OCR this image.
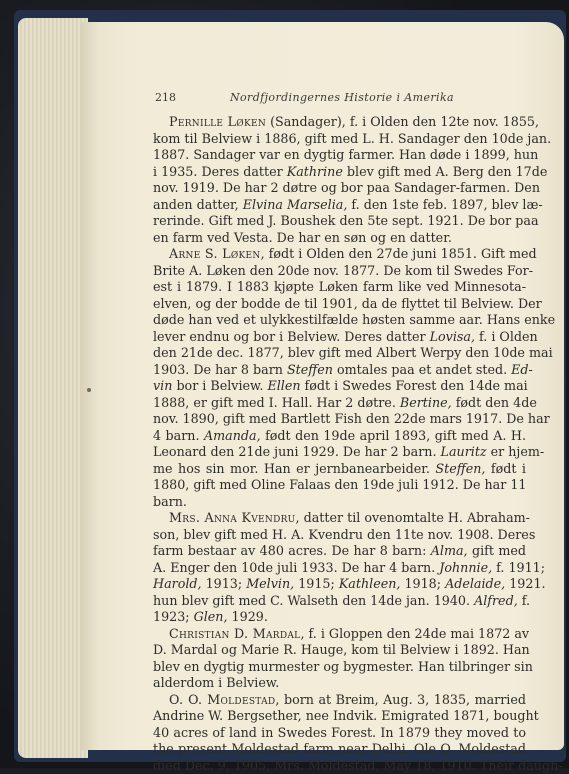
218	Nordfjordingernes Historie i Amerika
Pernille Løken (Sandager), f. i Olden den 12te nov. 1855,
kom til Belview i 1886, gift med L. H. Sandager den 10de jan.
1887. Sandager var en dygtig farmer. Han døde i 1899, hun
i 1935. Deres datter Kathrine blev gift med A. Berg den 17de
nov. 1919. De har 2 døtre og bor paa Sandager-farmen. Den
anden datter, Elvina Marselia, f. den 1ste feb. 1897, blev læ-
rerinde. Gift med J. Boushek den 5te sept. 1921. De bor paa
en farm ved Vesta. De har en søn og en datter.
Arne S. Løken, født i Olden den 27de juni 1851. Gift med
Brite A. Løken den 20de nov. 1877. De kom til Swedes For-
est i 1879. I 1883 kjøpte Løken farm like ved Minnesota-
elven, og der bodde de til 1901, da de flyttet til Belview. Der
døde han ved et ulykkestilfælde høsten samme aar. Hans enke
lever endnu og bor i Belview. Deres datter Lovisa, f. i Olden
den 21de dec. 1877, blev gift med Albert Werpy den 10de mai
1903. De har 8 barn Steffen omtales paa et andet sted. Ed-
vin bor i Belview. Ellen født i Swedes Forest den 14de mai
1888, er gift med I. Hall. Har 2 døtre. Bertine, født den 4de
nov. 1890, gift med Bartlett Fish den 22de mars 1917. De har
4 barn. Amanda, født den 19de april 1893, gift med A. H.
Leonard den 21de juni 1929. De har 2 barn. Lauritz er hjem-
me hos sin mor. Han er jernbanearbeider. Steffen, født i
1880, gift med Oline Falaas den 19de juli 1912. De har 11
barn.
Mrs. Anna Kvendru, datter til ovenomtalte H. Abraham-
son, blev gift med H. A. Kvendru den 11te nov. 1908. Deres
farm bestaar av 480 acres. De har 8 barn: Alma, gift med
A. Enger den 10de juli 1933. De har 4 barn. Johnnie, f. 1911;
Harold, 1913; Melvin, 1915; Kathleen, 1918; Adelaide, 1921.
hun blev gift med C. Walseth den 14de jan. 1940. Alfred, f.
1923; Glen, 1929.
Christian D. Mardal, f. i Gloppen den 24de mai 1872 av
D. Mardal og Marie R. Hauge, kom til Belview i 1892. Han
blev en dygtig murmester og bygmester. Han tilbringer sin
alderdom i Belview.
O. O. Moldestad, born at Breim, Aug. 3, 1835, married
Andrine W. Bergsether, nee Indvik. Emigrated 1871, bought
40 acres of land in Swedes Forest. In 1879 they moved to
the present Moldestad farm near Delhi. Ole O. Moldestad
died Dec. 9, 1905, Mrs. Moldestad, May 18, 1910. Their daugh-
